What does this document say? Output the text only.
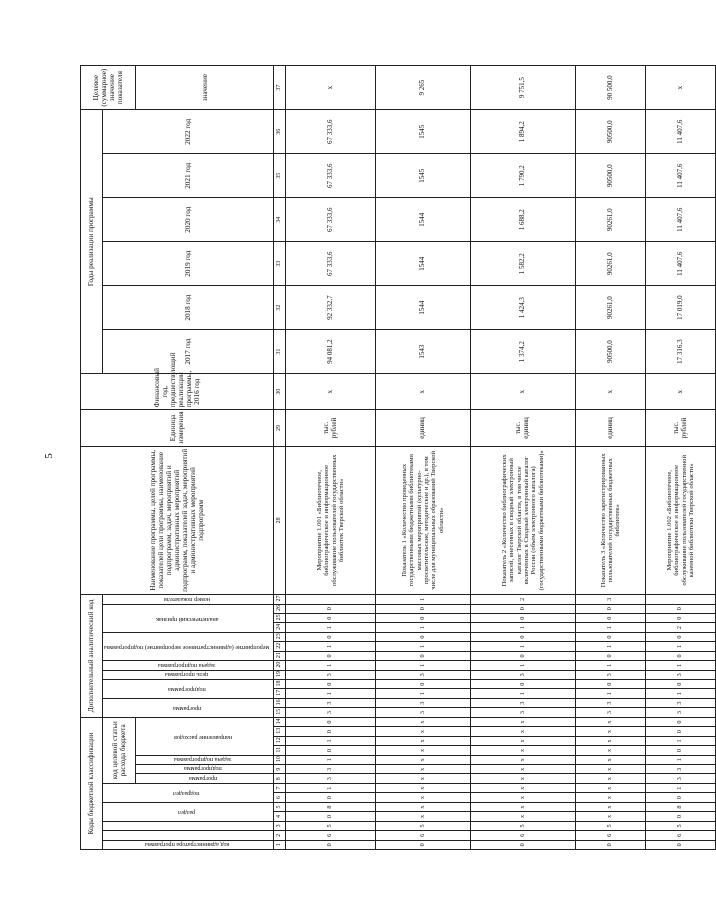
5
Коды бюджетной классификации														Дополнительный аналитический код													Наименование программы, целей программы, показателей цели программы, наименование подпрограмм, задач, мероприятий и административных мероприятий подпрограмм, показателей задач, мероприятий и административных мероприятий подпрограмм	Единица измерения	Финансовый год, предшествующий реализации программы, 2016 год	Годы реализации программы						Целевое (суммарное) значение показателя
код администратора программы			раздел		подраздел		код целевой статьи расхода бюджета							программа		подпрограмма		цель программы	задача подпрограммы	мероприятие (административное мероприятие) подпрограммы			аналитический признак			номер показателя				2017 год	2018 год	2019 год	2020 год	2021 год	2022 год	
							программа	подпрограмма	задача подпрограммы	направление расходов																										значение
1	2	3	4	5	6	7	8	9	10	11	12	13	14	15	16	17	18	19	20	21	22	23	24	25	26	27	28	29	30	31	32	33	34	35	36	37
0	6	5	0	8	0	1	3	3	1	0	1	0	0	3	3	1	0	3	1	0	1	0	1	0	0		Мероприятие 1.001 «Библиотечное, библиографическое и информационное обслуживание пользователей государственных библиотек Тверской области»	тыс. рублей	х	94 081,2	92 332,7	67 333,6	67 333,6	67 333,6	67 333,6	х
0	6	5	х	х	х	х	х	х	х	х	х	х	х	3	3	1	0	3	1	0	1	0	1	0	0	1	Показатель 1 «Количество проведенных государственными бюджетными библиотеками массовых мероприятий (культурно-просветительские, методические и др.), в том числе для муниципальных образований Тверской области»	единиц	х	1543	1544	1544	1544	1545	1545	9 265
0	6	5	х	х	х	х	х	х	х	х	х	х	х	3	3	1	0	3	1	0	1	0	1	0	0	2	Показатель 2 «Количество библиографических записей, внесенных в сводный электронный каталог Тверской области, в том числе включенных в Сводный электронный каталог России (объем электронного каталога) (государственными бюджетными библиотеками)»	тыс. единиц	х	1 374,2	1 424,3	1 582,2	1 688,2	1 790,2	1 894,2	9 751,5
0	6	5	х	х	х	х	х	х	х	х	х	х	х	3	3	1	0	3	1	0	1	0	1	0	0	3	Показатель 3 «Количество зарегистрированных пользователей государственных бюджетных библиотек»	единиц	х	90500,0	90261,0	90261,0	90261,0	90500,0	90500,0	90 500,0
0	6	5	0	8	0	1	3	3	1	0	1	0	0	3	3	1	0	3	1	0	1	0	2	0	0		Мероприятие 1.002 «Библиотечное, библиографическое и информационное обслуживание пользователей государственной казенной библиотеки Тверской области»	тыс. рублей	х	17 316,3	17 019,0	11 407,6	11 407,6	11 407,6	11 407,6	х
